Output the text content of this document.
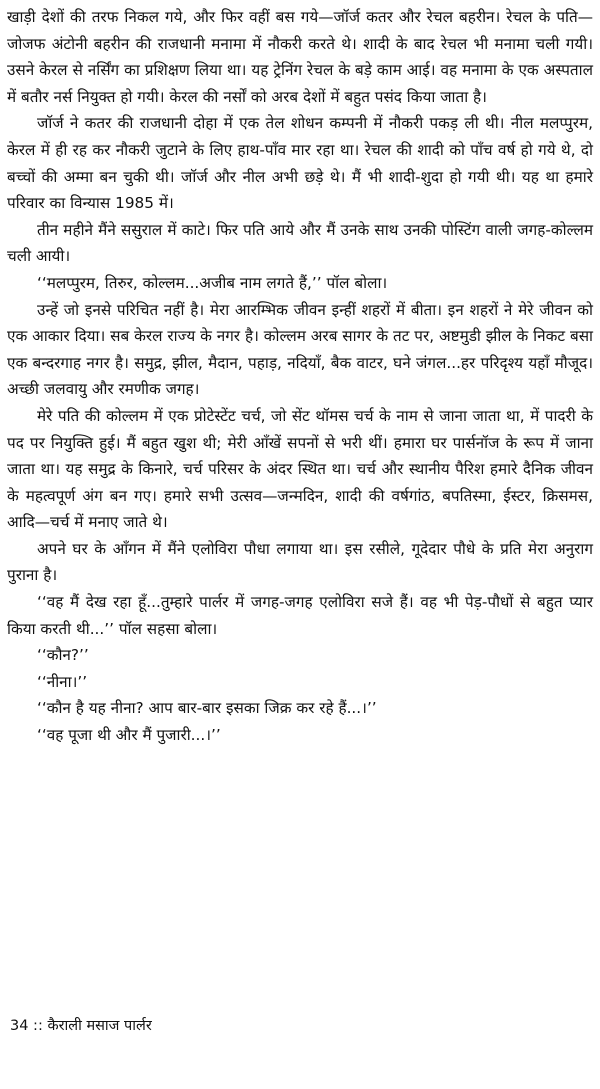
खाड़ी देशों की तरफ निकल गये, और फिर वहीं बस गये—जॉर्ज कतर और रेचल बहरीन। रेचल के पति—जोजफ अंटोनी बहरीन की राजधानी मनामा में नौकरी करते थे। शादी के बाद रेचल भी मनामा चली गयी। उसने केरल से नर्सिंग का प्रशिक्षण लिया था। यह ट्रेनिंग रेचल के बड़े काम आई। वह मनामा के एक अस्पताल में बतौर नर्स नियुक्त हो गयी। केरल की नर्सों को अरब देशों में बहुत पसंद किया जाता है।

जॉर्ज ने कतर की राजधानी दोहा में एक तेल शोधन कम्पनी में नौकरी पकड़ ली थी। नील मलप्पुरम, केरल में ही रह कर नौकरी जुटाने के लिए हाथ-पाँव मार रहा था। रेचल की शादी को पाँच वर्ष हो गये थे, दो बच्चों की अम्मा बन चुकी थी। जॉर्ज और नील अभी छड़े थे। मैं भी शादी-शुदा हो गयी थी। यह था हमारे परिवार का विन्यास 1985 में।

तीन महीने मैंने ससुराल में काटे। फिर पति आये और मैं उनके साथ उनकी पोस्टिंग वाली जगह-कोल्लम चली आयी।

‘‘मलप्पुरम, तिरुर, कोल्लम...अजीब नाम लगते हैं,’’ पॉल बोला।

उन्हें जो इनसे परिचित नहीं है। मेरा आरम्भिक जीवन इन्हीं शहरों में बीता। इन शहरों ने मेरे जीवन को एक आकार दिया। सब केरल राज्य के नगर है। कोल्लम अरब सागर के तट पर, अष्टमुडी झील के निकट बसा एक बन्दरगाह नगर है। समुद्र, झील, मैदान, पहाड़, नदियाँ, बैक वाटर, घने जंगल...हर परिदृश्य यहाँ मौजूद। अच्छी जलवायु और रमणीक जगह।

मेरे पति की कोल्लम में एक प्रोटेस्टेंट चर्च, जो सेंट थॉमस चर्च के नाम से जाना जाता था, में पादरी के पद पर नियुक्ति हुई। मैं बहुत खुश थी; मेरी आँखें सपनों से भरी थीं। हमारा घर पार्सनॉज के रूप में जाना जाता था। यह समुद्र के किनारे, चर्च परिसर के अंदर स्थित था। चर्च और स्थानीय पैरिश हमारे दैनिक जीवन के महत्वपूर्ण अंग बन गए। हमारे सभी उत्सव—जन्मदिन, शादी की वर्षगांठ, बपतिस्मा, ईस्टर, क्रिसमस, आदि—चर्च में मनाए जाते थे।

अपने घर के आँगन में मैंने एलोविरा पौधा लगाया था। इस रसीले, गूदेदार पौधे के प्रति मेरा अनुराग पुराना है।

‘‘वह मैं देख रहा हूँ...तुम्हारे पार्लर में जगह-जगह एलोविरा सजे हैं। वह भी पेड़-पौधों से बहुत प्यार किया करती थी...’’ पॉल सहसा बोला।

‘‘कौन?’’

‘‘नीना।’’

‘‘कौन है यह नीना? आप बार-बार इसका जिक्र कर रहे हैं...।’’

‘‘वह पूजा थी और मैं पुजारी...।’’

34 :: कैराली मसाज पार्लर
